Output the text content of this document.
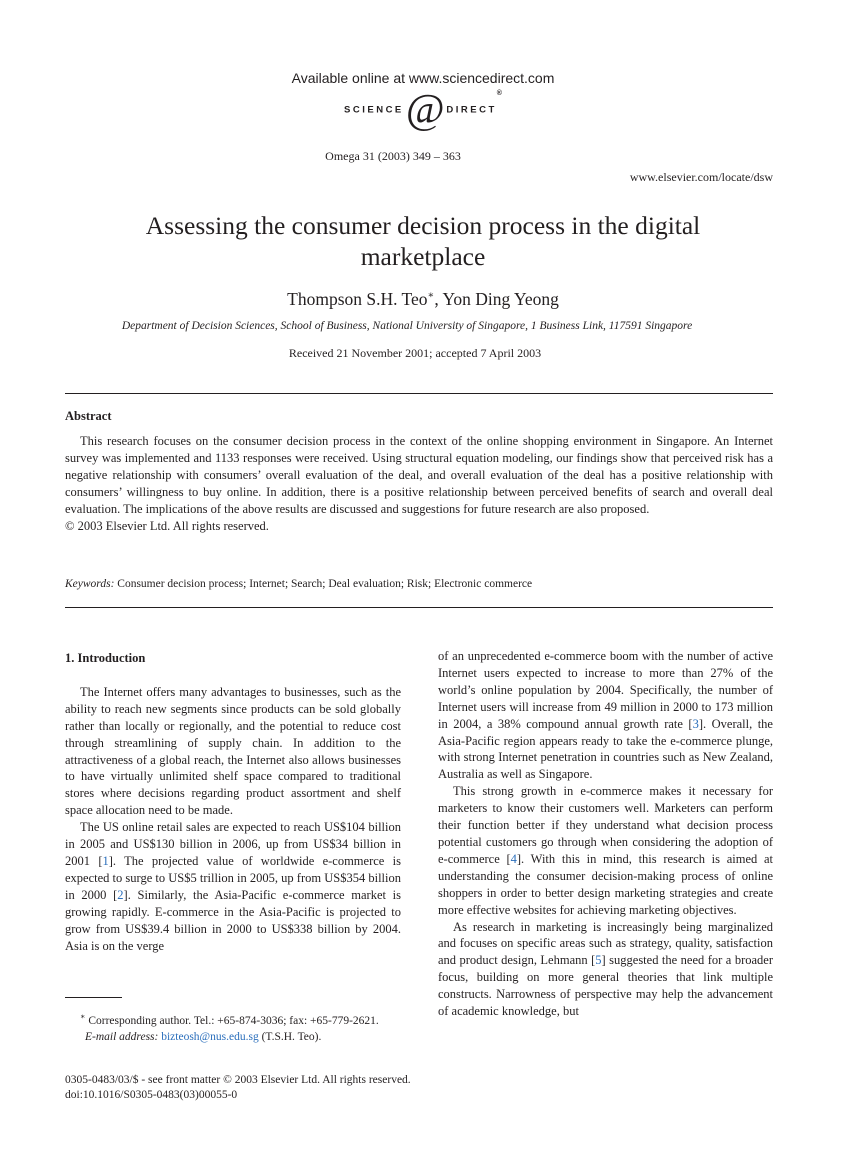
Available online at www.sciencedirect.com
SCIENCE@ DIRECT®
Omega 31 (2003) 349 – 363
www.elsevier.com/locate/dsw
Assessing the consumer decision process in the digital
marketplace
Thompson S.H. Teo∗, Yon Ding Yeong
Department of Decision Sciences, School of Business, National University of Singapore, 1 Business Link, 117591 Singapore
Received 21 November 2001; accepted 7 April 2003
Abstract
This research focuses on the consumer decision process in the context of the online shopping environment in Singapore. An Internet survey was implemented and 1133 responses were received. Using structural equation modeling, our findings show that perceived risk has a negative relationship with consumers’ overall evaluation of the deal, and overall evaluation of the deal has a positive relationship with consumers’ willingness to buy online. In addition, there is a positive relationship between perceived benefits of search and overall deal evaluation. The implications of the above results are discussed and suggestions for future research are also proposed.
© 2003 Elsevier Ltd. All rights reserved.
Keywords: Consumer decision process; Internet; Search; Deal evaluation; Risk; Electronic commerce

1. Introduction

The Internet offers many advantages to businesses, such as the ability to reach new segments since products can be sold globally rather than locally or regionally, and the potential to reduce cost through streamlining of supply chain. In addition to the attractiveness of a global reach, the Internet also allows businesses to have virtually unlimited shelf space compared to traditional stores where decisions regarding product assortment and shelf space allocation need to be made.

The US online retail sales are expected to reach US$104 billion in 2005 and US$130 billion in 2006, up from US$34 billion in 2001 [1]. The projected value of worldwide e-commerce is expected to surge to US$5 trillion in 2005, up from US$354 billion in 2000 [2]. Similarly, the Asia-Pacific e-commerce market is growing rapidly. E-commerce in the Asia-Pacific is projected to grow from US$39.4 billion in 2000 to US$338 billion by 2004. Asia is on the verge

of an unprecedented e-commerce boom with the number of active Internet users expected to increase to more than 27% of the world’s online population by 2004. Specifically, the number of Internet users will increase from 49 million in 2000 to 173 million in 2004, a 38% compound annual growth rate [3]. Overall, the Asia-Pacific region appears ready to take the e-commerce plunge, with strong Internet penetration in countries such as New Zealand, Australia as well as Singapore.

This strong growth in e-commerce makes it necessary for marketers to know their customers well. Marketers can perform their function better if they understand what decision process potential customers go through when considering the adoption of e-commerce [4]. With this in mind, this research is aimed at understanding the consumer decision-making process of online shoppers in order to better design marketing strategies and create more effective websites for achieving marketing objectives.

As research in marketing is increasingly being marginalized and focuses on specific areas such as strategy, quality, satisfaction and product design, Lehmann [5] suggested the need for a broader focus, building on more general theories that link multiple constructs. Narrowness of perspective may help the advancement of academic knowledge, but

∗ Corresponding author. Tel.: +65-874-3036; fax: +65-779-2621.
E-mail address: bizteosh@nus.edu.sg (T.S.H. Teo).
0305-0483/03/$ - see front matter © 2003 Elsevier Ltd. All rights reserved.
doi:10.1016/S0305-0483(03)00055-0
